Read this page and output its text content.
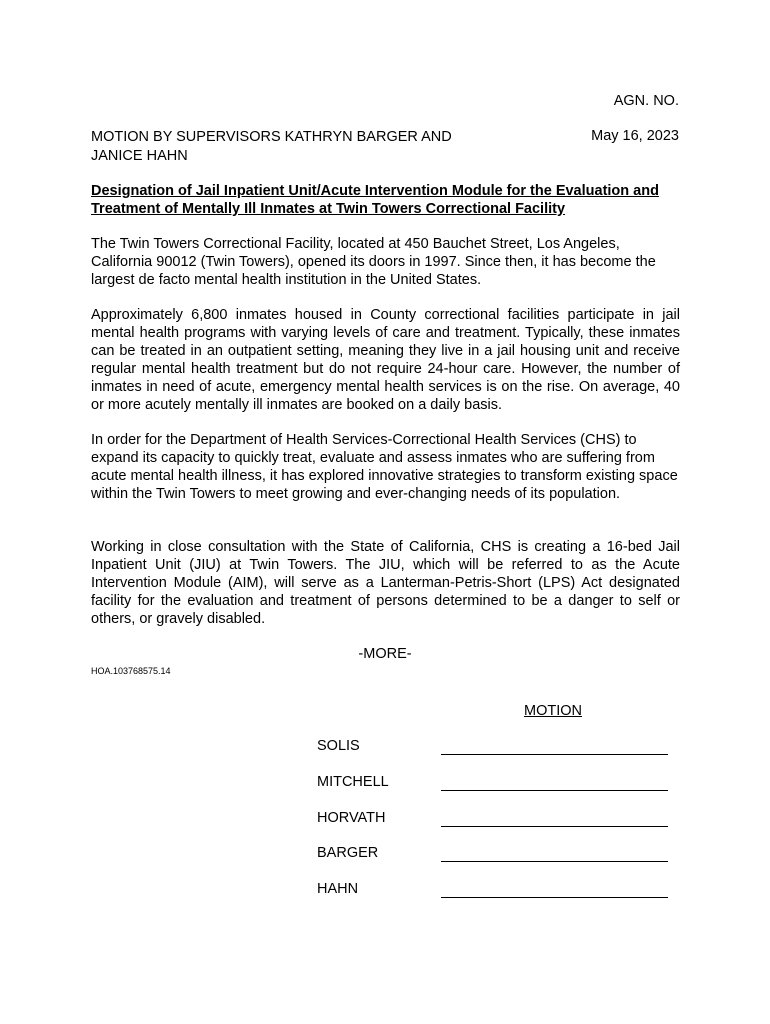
AGN. NO.
MOTION BY SUPERVISORS KATHRYN BARGER AND
JANICE HAHN
May 16, 2023
Designation of Jail Inpatient Unit/Acute Intervention Module for the Evaluation and Treatment of Mentally Ill Inmates at Twin Towers Correctional Facility
The Twin Towers Correctional Facility, located at 450 Bauchet Street, Los Angeles, California 90012 (Twin Towers), opened its doors in 1997. Since then, it has become the largest de facto mental health institution in the United States.
Approximately 6,800 inmates housed in County correctional facilities participate in jail mental health programs with varying levels of care and treatment. Typically, these inmates can be treated in an outpatient setting, meaning they live in a jail housing unit and receive regular mental health treatment but do not require 24-hour care. However, the number of inmates in need of acute, emergency mental health services is on the rise. On average, 40 or more acutely mentally ill inmates are booked on a daily basis.
In order for the Department of Health Services-Correctional Health Services (CHS) to expand its capacity to quickly treat, evaluate and assess inmates who are suffering from acute mental health illness, it has explored innovative strategies to transform existing space within the Twin Towers to meet growing and ever-changing needs of its population.
Working in close consultation with the State of California, CHS is creating a 16-bed Jail Inpatient Unit (JIU) at Twin Towers. The JIU, which will be referred to as the Acute Intervention Module (AIM), will serve as a Lanterman-Petris-Short (LPS) Act designated facility for the evaluation and treatment of persons determined to be a danger to self or others, or gravely disabled.
-MORE-
HOA.103768575.14
MOTION
SOLIS
MITCHELL
HORVATH
BARGER
HAHN
